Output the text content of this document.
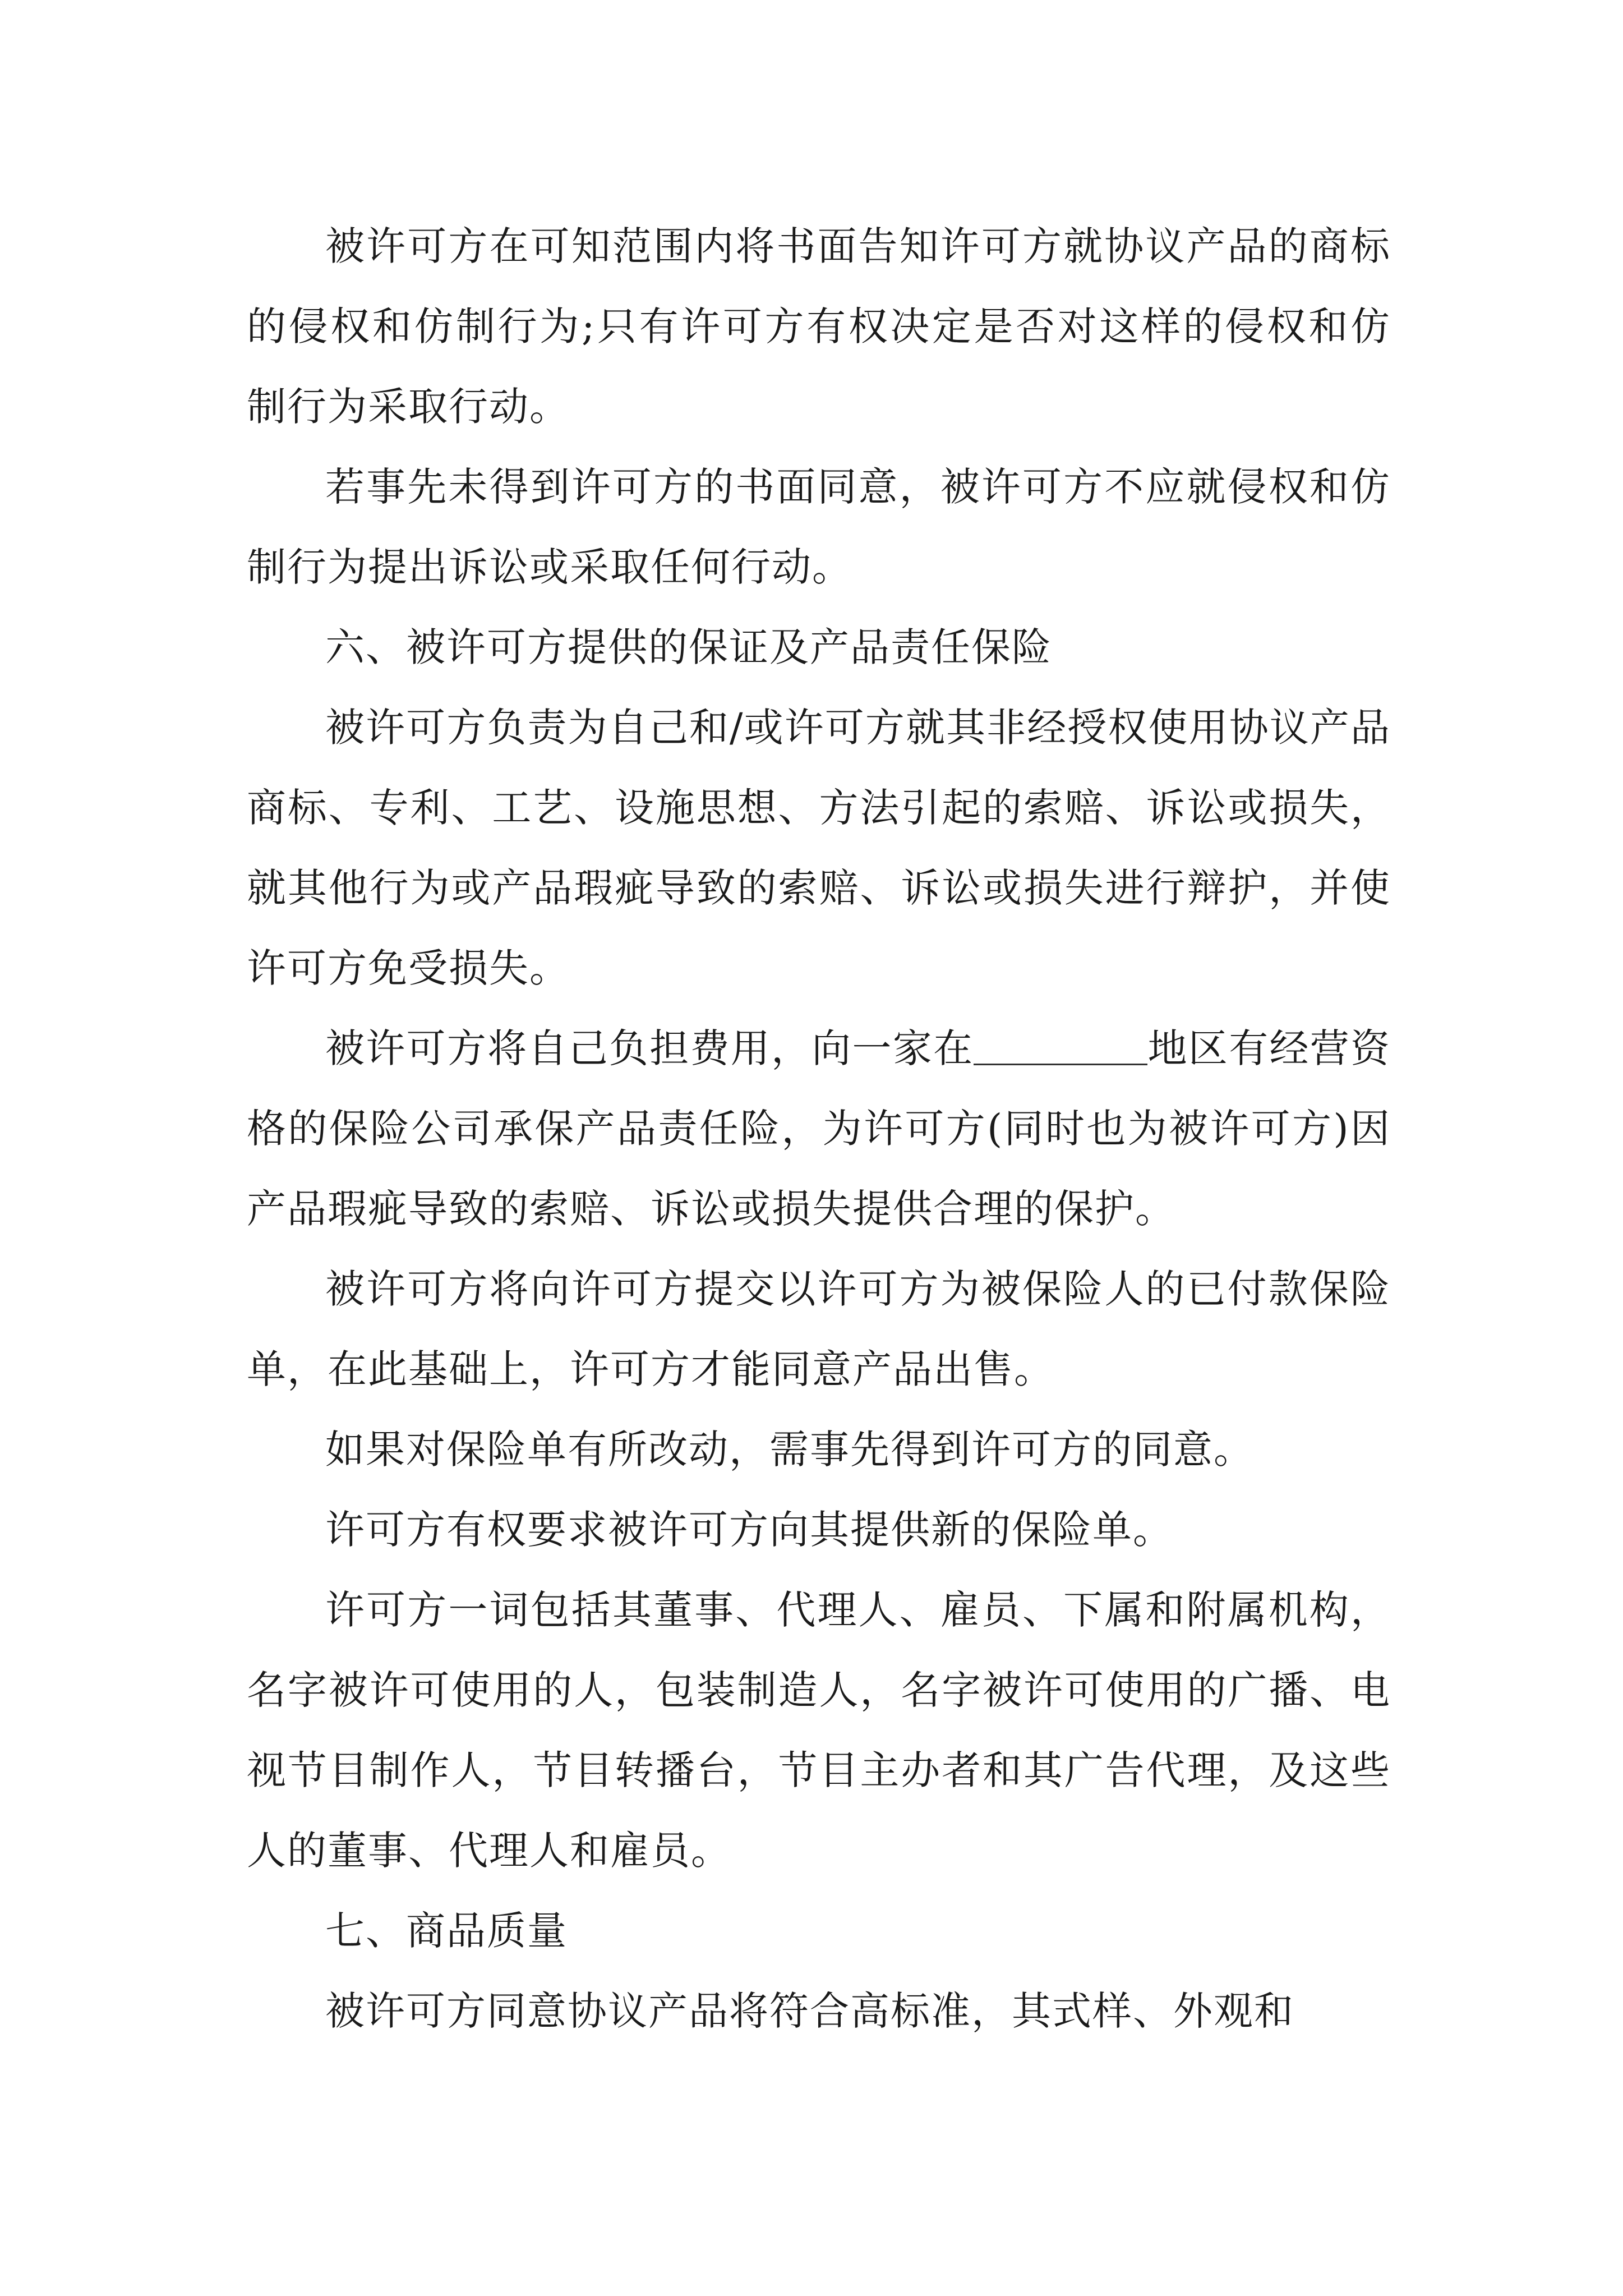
被许可方在可知范围内将书面告知许可方就协议产品的商标的侵权和仿制行为;只有许可方有权决定是否对这样的侵权和仿制行为采取行动。

若事先未得到许可方的书面同意，被许可方不应就侵权和仿制行为提出诉讼或采取任何行动。

六、被许可方提供的保证及产品责任保险

被许可方负责为自己和/或许可方就其非经授权使用协议产品商标、专利、工艺、设施思想、方法引起的索赔、诉讼或损失，就其他行为或产品瑕疵导致的索赔、诉讼或损失进行辩护，并使许可方免受损失。

被许可方将自己负担费用，向一家在	地区有经营资格的保险公司承保产品责任险，为许可方(同时也为被许可方)因产品瑕疵导致的索赔、诉讼或损失提供合理的保护。

被许可方将向许可方提交以许可方为被保险人的已付款保险单，在此基础上，许可方才能同意产品出售。

如果对保险单有所改动，需事先得到许可方的同意。

许可方有权要求被许可方向其提供新的保险单。

许可方一词包括其董事、代理人、雇员、下属和附属机构，名字被许可使用的人，包装制造人，名字被许可使用的广播、电视节目制作人，节目转播台，节目主办者和其广告代理，及这些人的董事、代理人和雇员。

七、商品质量

被许可方同意协议产品将符合高标准，其式样、外观和
